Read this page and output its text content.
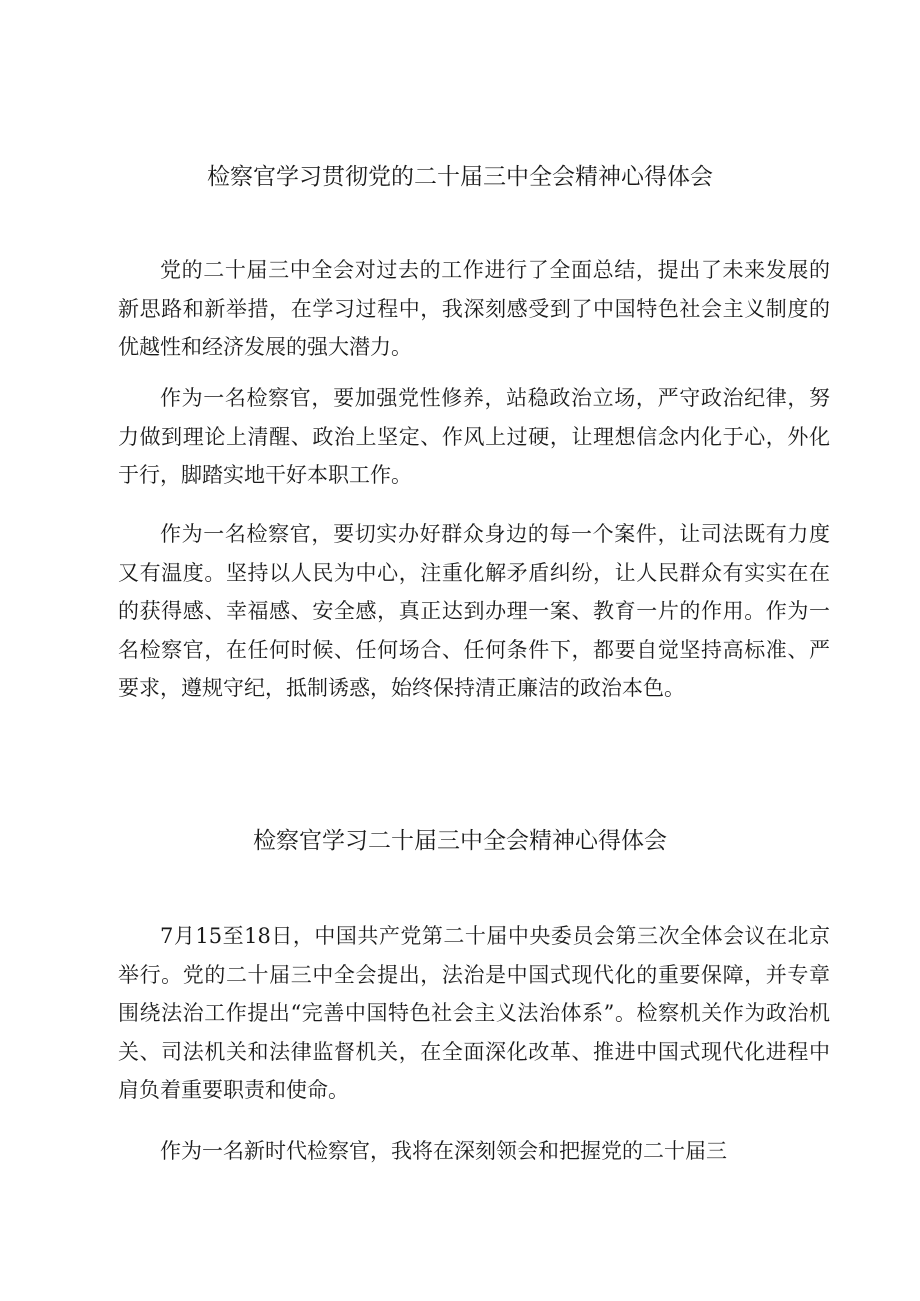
检察官学习贯彻党的二十届三中全会精神心得体会

党的二十届三中全会对过去的工作进行了全面总结，提出了未来发展的新思路和新举措，在学习过程中，我深刻感受到了中国特色社会主义制度的优越性和经济发展的强大潜力。

作为一名检察官，要加强党性修养，站稳政治立场，严守政治纪律，努力做到理论上清醒、政治上坚定、作风上过硬，让理想信念内化于心，外化于行，脚踏实地干好本职工作。

作为一名检察官，要切实办好群众身边的每一个案件，让司法既有力度又有温度。坚持以人民为中心，注重化解矛盾纠纷，让人民群众有实实在在的获得感、幸福感、安全感，真正达到办理一案、教育一片的作用。作为一名检察官，在任何时候、任何场合、任何条件下，都要自觉坚持高标准、严要求，遵规守纪，抵制诱惑，始终保持清正廉洁的政治本色。

检察官学习二十届三中全会精神心得体会

7月15至18日，中国共产党第二十届中央委员会第三次全体会议在北京举行。党的二十届三中全会提出，法治是中国式现代化的重要保障，并专章围绕法治工作提出“完善中国特色社会主义法治体系”。检察机关作为政治机关、司法机关和法律监督机关，在全面深化改革、推进中国式现代化进程中肩负着重要职责和使命。

作为一名新时代检察官，我将在深刻领会和把握党的二十届三
